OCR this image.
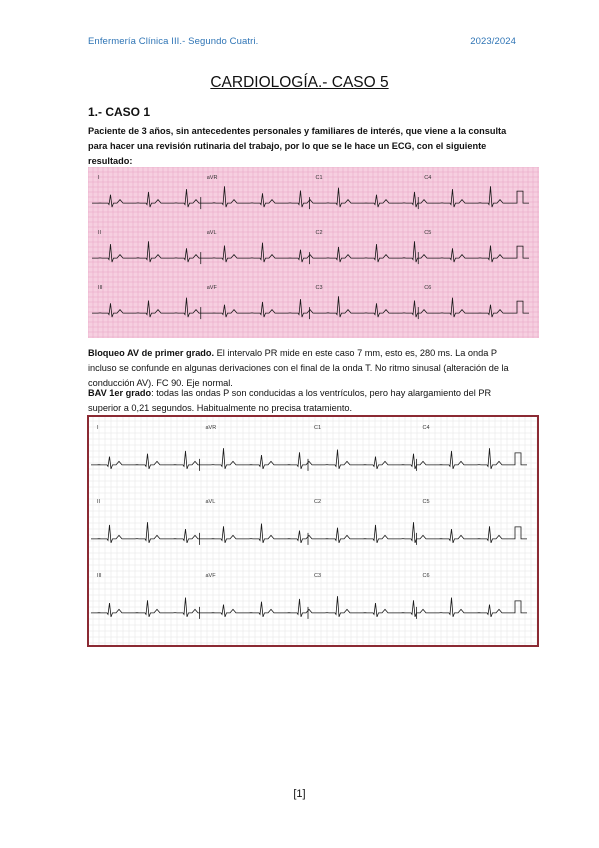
Enfermería Clínica III.- Segundo Cuatri.	2023/2024
CARDIOLOGÍA.- CASO 5
1.- CASO 1
Paciente de 3 años, sin antecedentes personales y familiares de interés, que viene a la consulta para hacer una revisión rutinaria del trabajo, por lo que se le hace un ECG, con el siguiente resultado:
I	aVR	C1	C4
II	aVL	C2	C5
III	aVF	C3	C6
Bloqueo AV de primer grado. El intervalo PR mide en este caso 7 mm, esto es, 280 ms. La onda P incluso se confunde en algunas derivaciones con el final de la onda T. No ritmo sinusal (alteración de la conducción AV). FC 90. Eje normal.
BAV 1er grado: todas las ondas P son conducidas a los ventrículos, pero hay alargamiento del PR superior a 0,21 segundos. Habitualmente no precisa tratamiento.
I	aVR	C1	C4
II	aVL	C2	C5
III	aVF	C3	C6
[1]
